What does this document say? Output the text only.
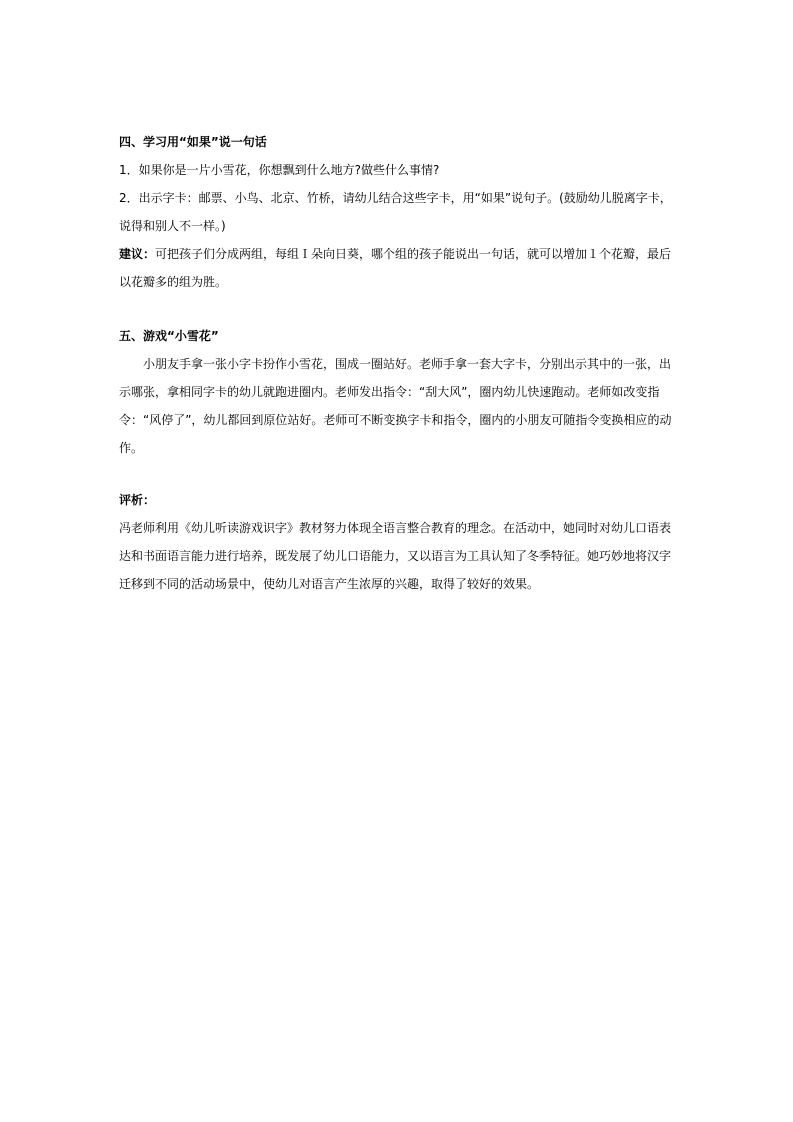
四、学习用“如果”说一句话

1．如果你是一片小雪花，你想飘到什么地方?做些什么事情?

2．出示字卡：邮票、小鸟、北京、竹桥，请幼儿结合这些字卡，用“如果”说句子。(鼓励幼儿脱离字卡，说得和别人不一样。)

建议：可把孩子们分成两组，每组Ｉ朵向日葵，哪个组的孩子能说出一句话，就可以增加１个花瓣，最后以花瓣多的组为胜。

五、游戏“小雪花”

小朋友手拿一张小字卡扮作小雪花，围成一圈站好。老师手拿一套大字卡，分别出示其中的一张，出示哪张，拿相同字卡的幼儿就跑进圈内。老师发出指令：“刮大风”，圈内幼儿快速跑动。老师如改变指令：“风停了”，幼儿都回到原位站好。老师可不断变换字卡和指令，圈内的小朋友可随指令变换相应的动作。

评析：

冯老师利用《幼儿听读游戏识字》教材努力体现全语言整合教育的理念。在活动中，她同时对幼儿口语表达和书面语言能力进行培养，既发展了幼儿口语能力，又以语言为工具认知了冬季特征。她巧妙地将汉字迁移到不同的活动场景中，使幼儿对语言产生浓厚的兴趣，取得了较好的效果。
